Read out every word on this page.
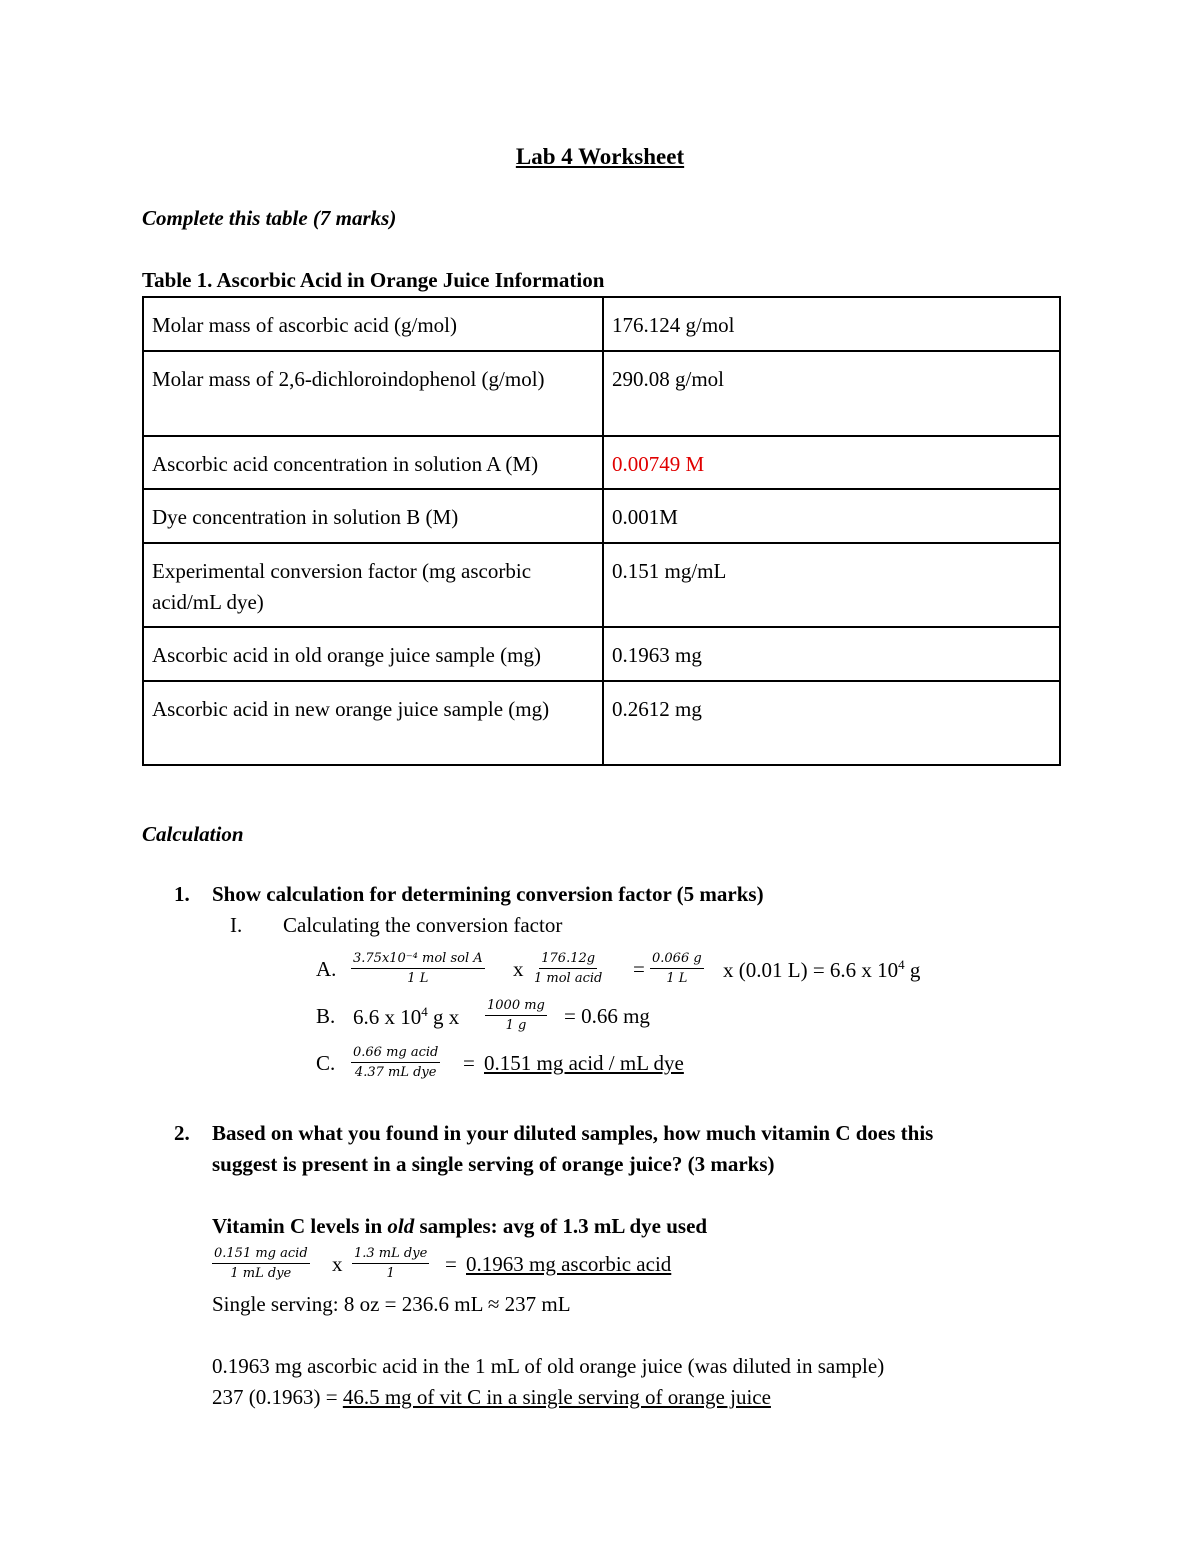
Lab 4 Worksheet
Complete this table (7 marks)
Table 1. Ascorbic Acid in Orange Juice Information
Molar mass of ascorbic acid (g/mol)	176.124 g/mol
Molar mass of 2,6-dichloroindophenol (g/mol)	290.08 g/mol
Ascorbic acid concentration in solution A (M)	0.00749 M
Dye concentration in solution B (M)	0.001M
Experimental conversion factor (mg ascorbic acid/mL dye)	0.151 mg/mL
Ascorbic acid in old orange juice sample (mg)	0.1963 mg
Ascorbic acid in new orange juice sample (mg)	0.2612 mg
Calculation
1. Show calculation for determining conversion factor (5 marks)
I. Calculating the conversion factor
A. 3.75x10⁻⁴ mol sol A
1 L	x 176.12g
1 mol acid = $\frac{0.066 g}{1 L}$ x (0.01 L) = 6.6 x $10^4$ g
B. 6.6 x $10^4$ g x $\frac{1000 mg}{1 g} = 0.66$ mg
C. 0.66 mg acid
4.37 mL dye = 0.151 mg acid / mL dye
2. Based on what you found in your diluted samples, how much vitamin C does this
suggest is present in a single serving of orange juice? (3 marks)
Vitamin C levels in old samples: avg of 1.3 mL dye used
0.151 mg acid
1 mL dye x 1.3 mL dye
1 = 0.1963 mg ascorbic acid
Single serving: 8 oz = 236.6 mL ≈ 237 mL
0.1963 mg ascorbic acid in the 1 mL of old orange juice (was diluted in sample)
237 (0.1963) = 46.5 mg of vit C in a single serving of orange juice
